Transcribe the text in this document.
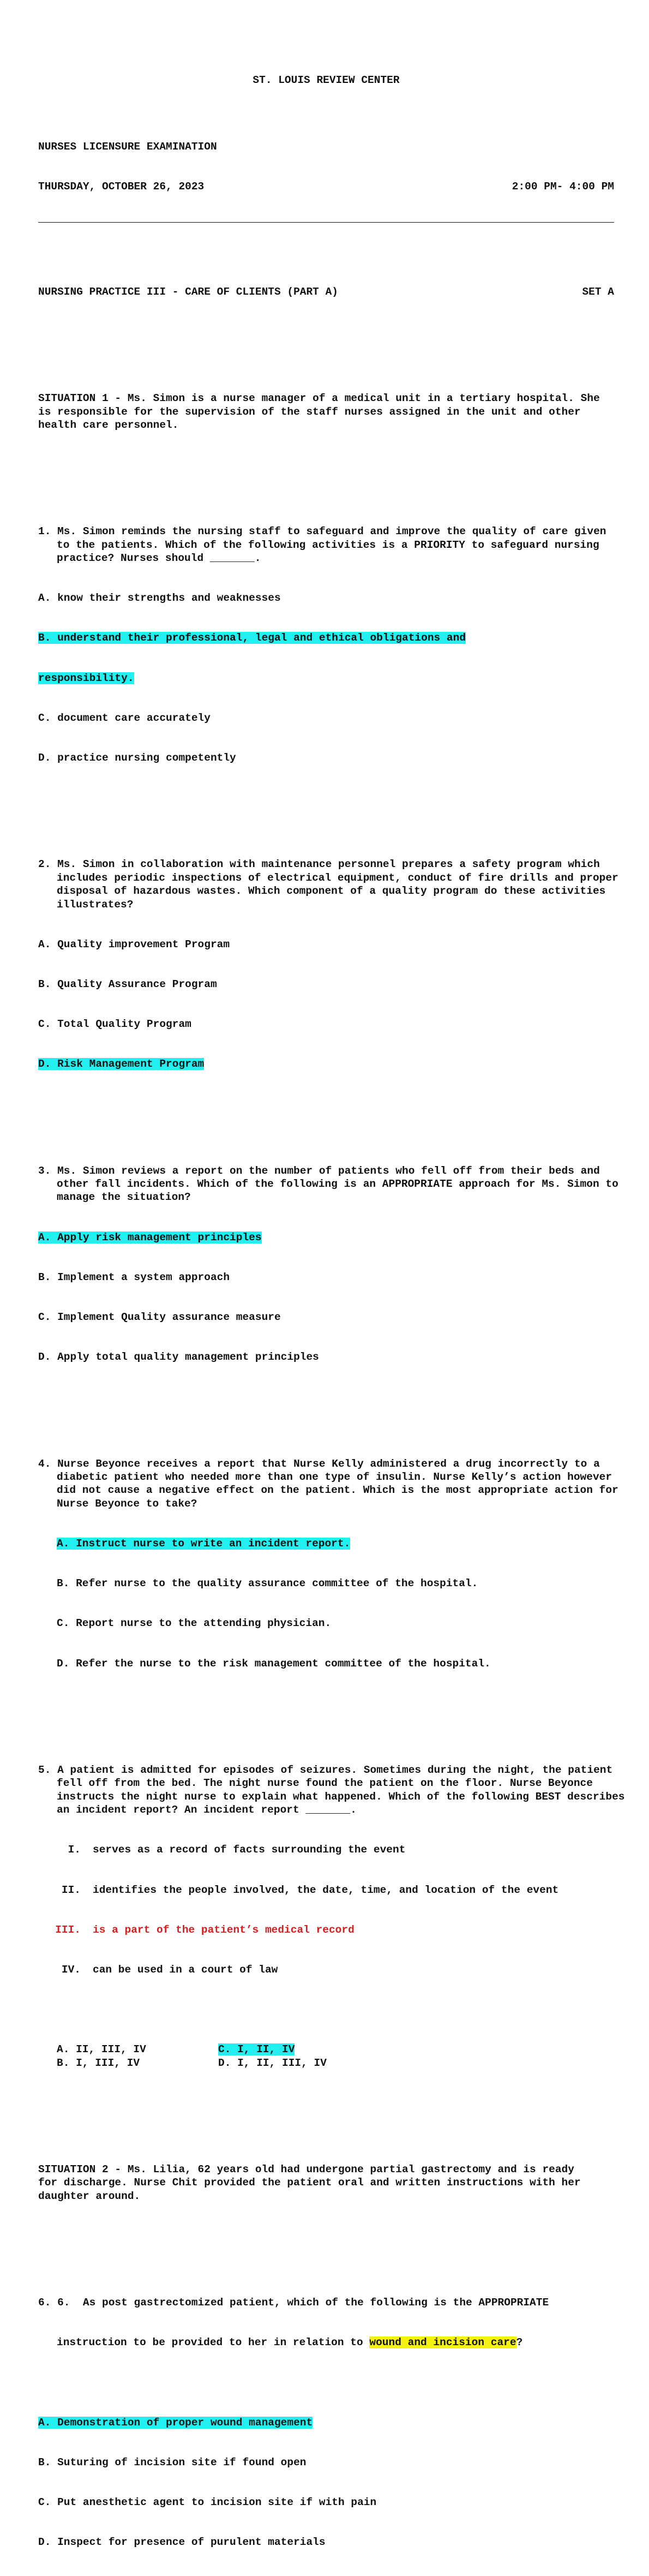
ST. LOUIS REVIEW CENTER

NURSES LICENSURE EXAMINATION

THURSDAY, OCTOBER 26, 2023	2:00 PM- 4:00 PM

NURSING PRACTICE III - CARE OF CLIENTS (PART A)	SET A

SITUATION 1 - Ms. Simon is a nurse manager of a medical unit in a tertiary hospital. She is responsible for the supervision of the staff nurses assigned in the unit and other health care personnel.

1. Ms. Simon reminds the nursing staff to safeguard and improve the quality of care given to the patients. Which of the following activities is a PRIORITY to safeguard nursing practice? Nurses should _______.

A. know their strengths and weaknesses

B. understand their professional, legal and ethical obligations and

responsibility.

C. document care accurately

D. practice nursing competently

2. Ms. Simon in collaboration with maintenance personnel prepares a safety program which includes periodic inspections of electrical equipment, conduct of fire drills and proper disposal of hazardous wastes. Which component of a quality program do these activities illustrates?

A. Quality improvement Program

B. Quality Assurance Program

C. Total Quality Program

D. Risk Management Program

3. Ms. Simon reviews a report on the number of patients who fell off from their beds and other fall incidents. Which of the following is an APPROPRIATE approach for Ms. Simon to manage the situation?

A. Apply risk management principles

B. Implement a system approach

C. Implement Quality assurance measure

D. Apply total quality management principles

4. Nurse Beyonce receives a report that Nurse Kelly administered a drug incorrectly to a diabetic patient who needed more than one type of insulin. Nurse Kelly’s action however did not cause a negative effect on the patient. Which is the most appropriate action for Nurse Beyonce to take?

A. Instruct nurse to write an incident report.

B. Refer nurse to the quality assurance committee of the hospital.

C. Report nurse to the attending physician.

D. Refer the nurse to the risk management committee of the hospital.

5. A patient is admitted for episodes of seizures. Sometimes during the night, the patient fell off from the bed. The night nurse found the patient on the floor. Nurse Beyonce instructs the night nurse to explain what happened. Which of the following BEST describes an incident report? An incident report _______.

I.	serves as a record of facts surrounding the event

II.	identifies the people involved, the date, time, and location of the event

III.	is a part of the patient’s medical record

IV.	can be used in a court of law

A. II, III, IV	C. I, II, IV
B. I, III, IV	D. I, II, III, IV

SITUATION 2 - Ms. Lilia, 62 years old had undergone partial gastrectomy and is ready for discharge. Nurse Chit provided the patient oral and written instructions with her daughter around.

6. 6.  As post gastrectomized patient, which of the following is the APPROPRIATE

instruction to be provided to her in relation to wound and incision care?

A. Demonstration of proper wound management

B. Suturing of incision site if found open

C. Put anesthetic agent to incision site if with pain

D. Inspect for presence of purulent materials
